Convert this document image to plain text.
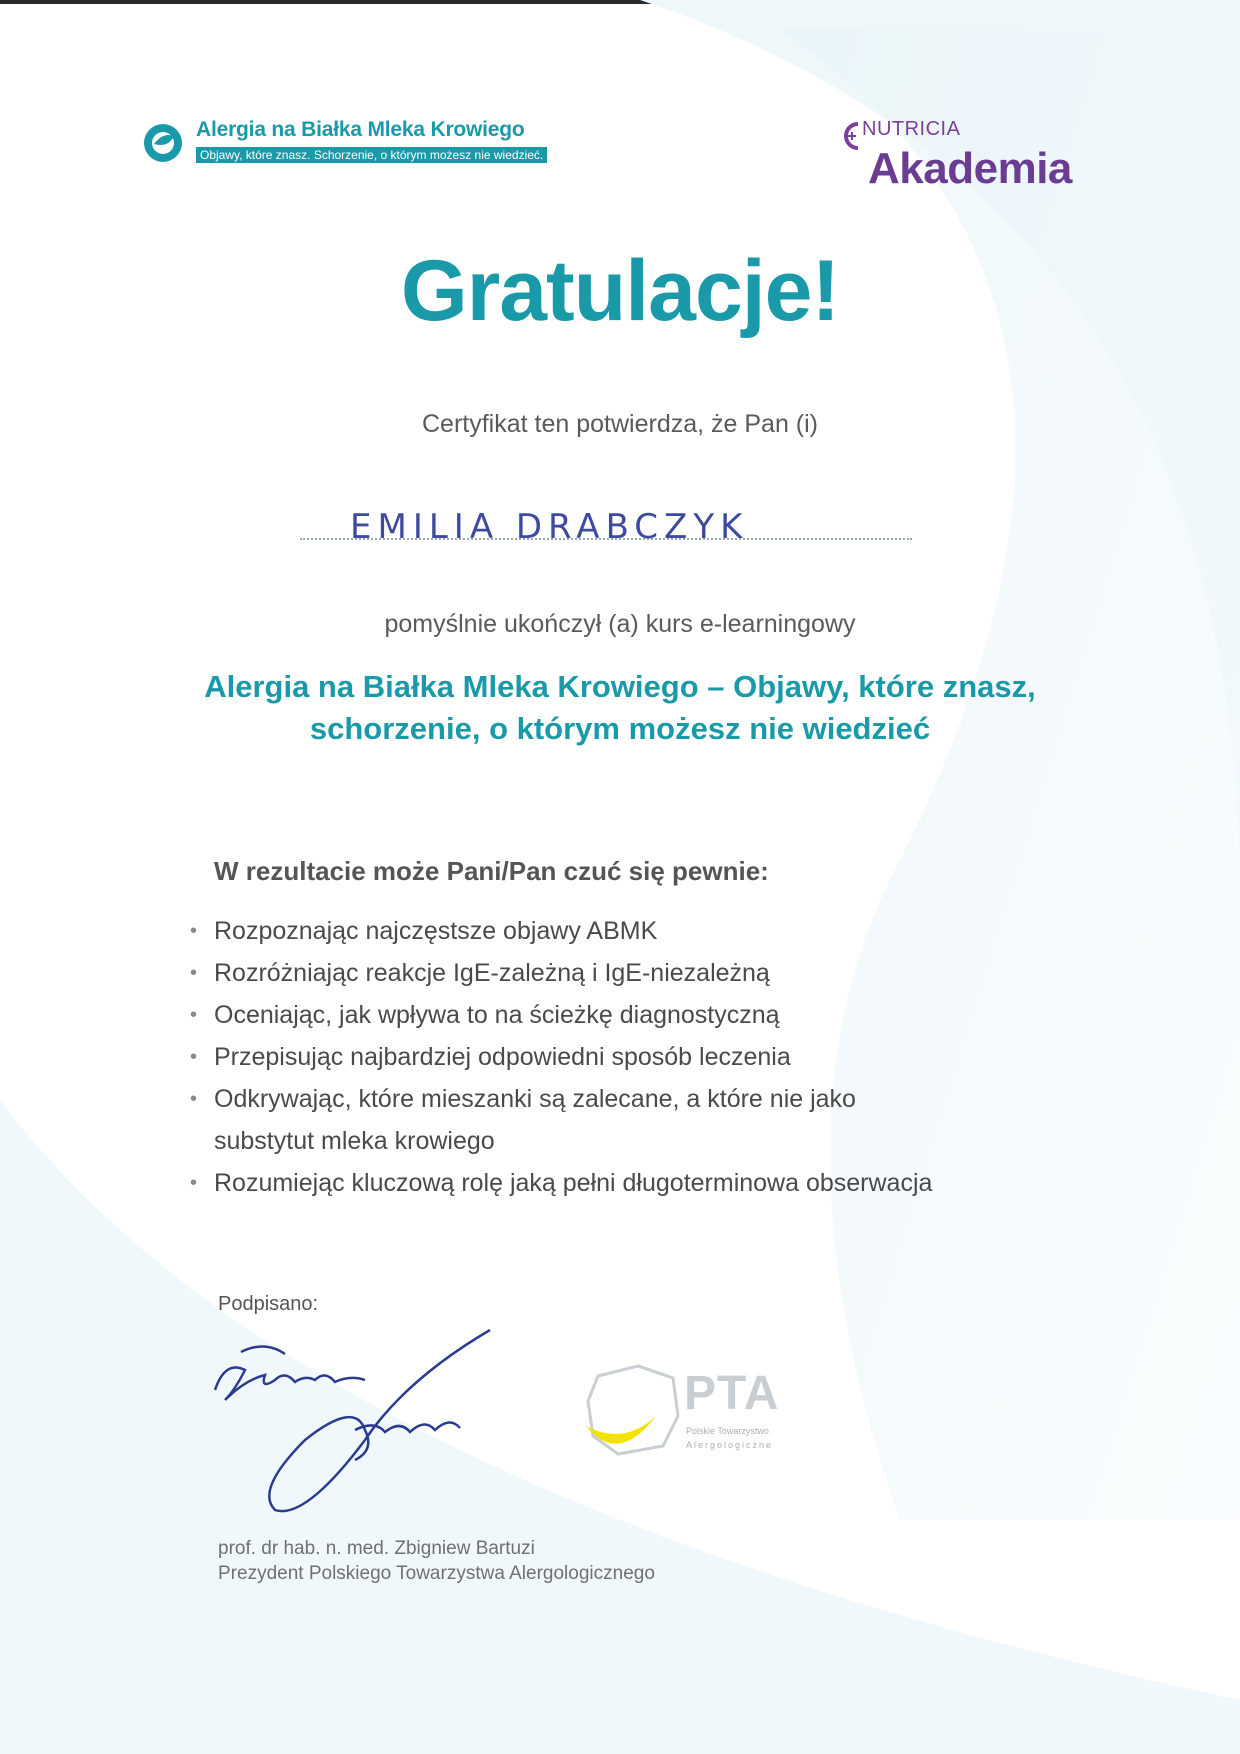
Alergia na Białka Mleka Krowiego
Objawy, które znasz. Schorzenie, o którym możesz nie wiedzieć.
NUTRICIA
Akademia
Gratulacje!
Certyfikat ten potwierdza, że Pan (i)
EMILIA DRABCZYK
pomyślnie ukończył (a) kurs e-learningowy
Alergia na Białka Mleka Krowiego – Objawy, które znasz,
schorzenie, o którym możesz nie wiedzieć
W rezultacie może Pani/Pan czuć się pewnie:
• Rozpoznając najczęstsze objawy ABMK
• Rozróżniając reakcje IgE-zależną i IgE-niezależną
• Oceniając, jak wpływa to na ścieżkę diagnostyczną
• Przepisując najbardziej odpowiedni sposób leczenia
• Odkrywając, które mieszanki są zalecane, a które nie jako substytut mleka krowiego
• Rozumiejąc kluczową rolę jaką pełni długoterminowa obserwacja
Podpisano:
PTA
Polskie Towarzystwo
Alergologiczne
prof. dr hab. n. med. Zbigniew Bartuzi
Prezydent Polskiego Towarzystwa Alergologicznego
